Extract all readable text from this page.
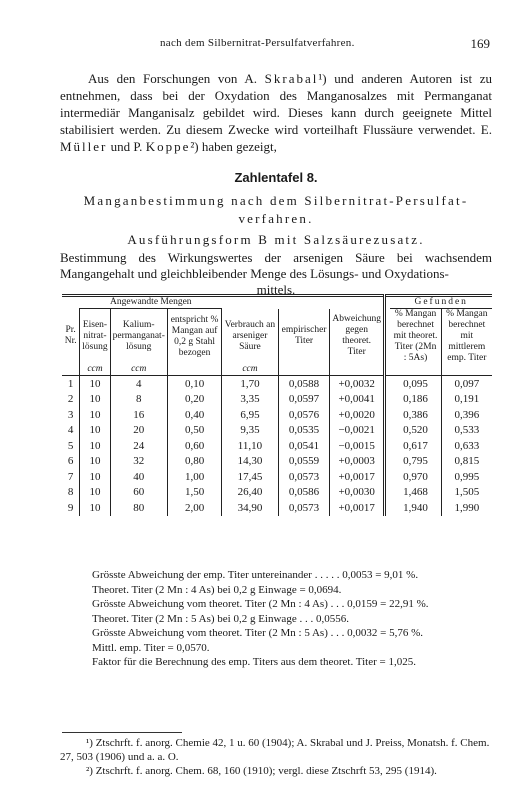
nach dem Silbernitrat-Persulfatverfahren.	169
Aus den Forschungen von A. Skrabal¹) und anderen Autoren ist zu entnehmen, dass bei der Oxydation des Manganosalzes mit Permanganat intermediär Manganisalz gebildet wird. Dieses kann durch geeignete Mittel stabilisiert werden. Zu diesem Zwecke wird vorteilhaft Flussäure verwendet. E. Müller und P. Koppe²) haben gezeigt,
Zahlentafel 8.
Manganbestimmung nach dem Silbernitrat-Persulfat-
verfahren.
Ausführungsform B mit Salzsäurezusatz.
Bestimmung des Wirkungswertes der arsenigen Säure bei wachsendem Mangangehalt und gleichbleibender Menge des Lösungs- und Oxydations-
mittels.
	Angewandte Mengen							Gefunden	
Pr. Nr.	Eisen-
nitrat-
lösung	Kalium-permanganat-lösung	entspricht % Mangan auf 0,2 g Stahl bezogen	Verbrauch an arseniger Säure	empirischer Titer	Abweichung gegen theoret. Titer		% Mangan berechnet mit theoret. Titer (2Mn : 5As)	% Mangan berechnet mit mittlerem emp. Titer
	ccm	ccm		ccm					
1	10	4	0,10	1,70	0,0588	+0,0032		0,095	0,097
2	10	8	0,20	3,35	0,0597	+0,0041		0,186	0,191
3	10	16	0,40	6,95	0,0576	+0,0020		0,386	0,396
4	10	20	0,50	9,35	0,0535	−0,0021		0,520	0,533
5	10	24	0,60	11,10	0,0541	−0,0015		0,617	0,633
6	10	32	0,80	14,30	0,0559	+0,0003		0,795	0,815
7	10	40	1,00	17,45	0,0573	+0,0017		0,970	0,995
8	10	60	1,50	26,40	0,0586	+0,0030		1,468	1,505
9	10	80	2,00	34,90	0,0573	+0,0017		1,940	1,990
Grösste Abweichung der emp. Titer untereinander . . . . . 0,0053 = 9,01 %.
Theoret. Titer (2 Mn : 4 As) bei 0,2 g Einwage = 0,0694.
Grösste Abweichung vom theoret. Titer (2 Mn : 4 As) . . . 0,0159 = 22,91 %.
Theoret. Titer (2 Mn : 5 As) bei 0,2 g Einwage . . . 0,0556.
Grösste Abweichung vom theoret. Titer (2 Mn : 5 As) . . . 0,0032 = 5,76 %.
Mittl. emp. Titer = 0,0570.
Faktor für die Berechnung des emp. Titers aus dem theoret. Titer = 1,025.
¹) Ztschrft. f. anorg. Chemie 42, 1 u. 60 (1904); A. Skrabal und J. Preiss, Monatsh. f. Chem. 27, 503 (1906) und a. a. O.
²) Ztschrft. f. anorg. Chem. 68, 160 (1910); vergl. diese Ztschrft 53, 295 (1914).
